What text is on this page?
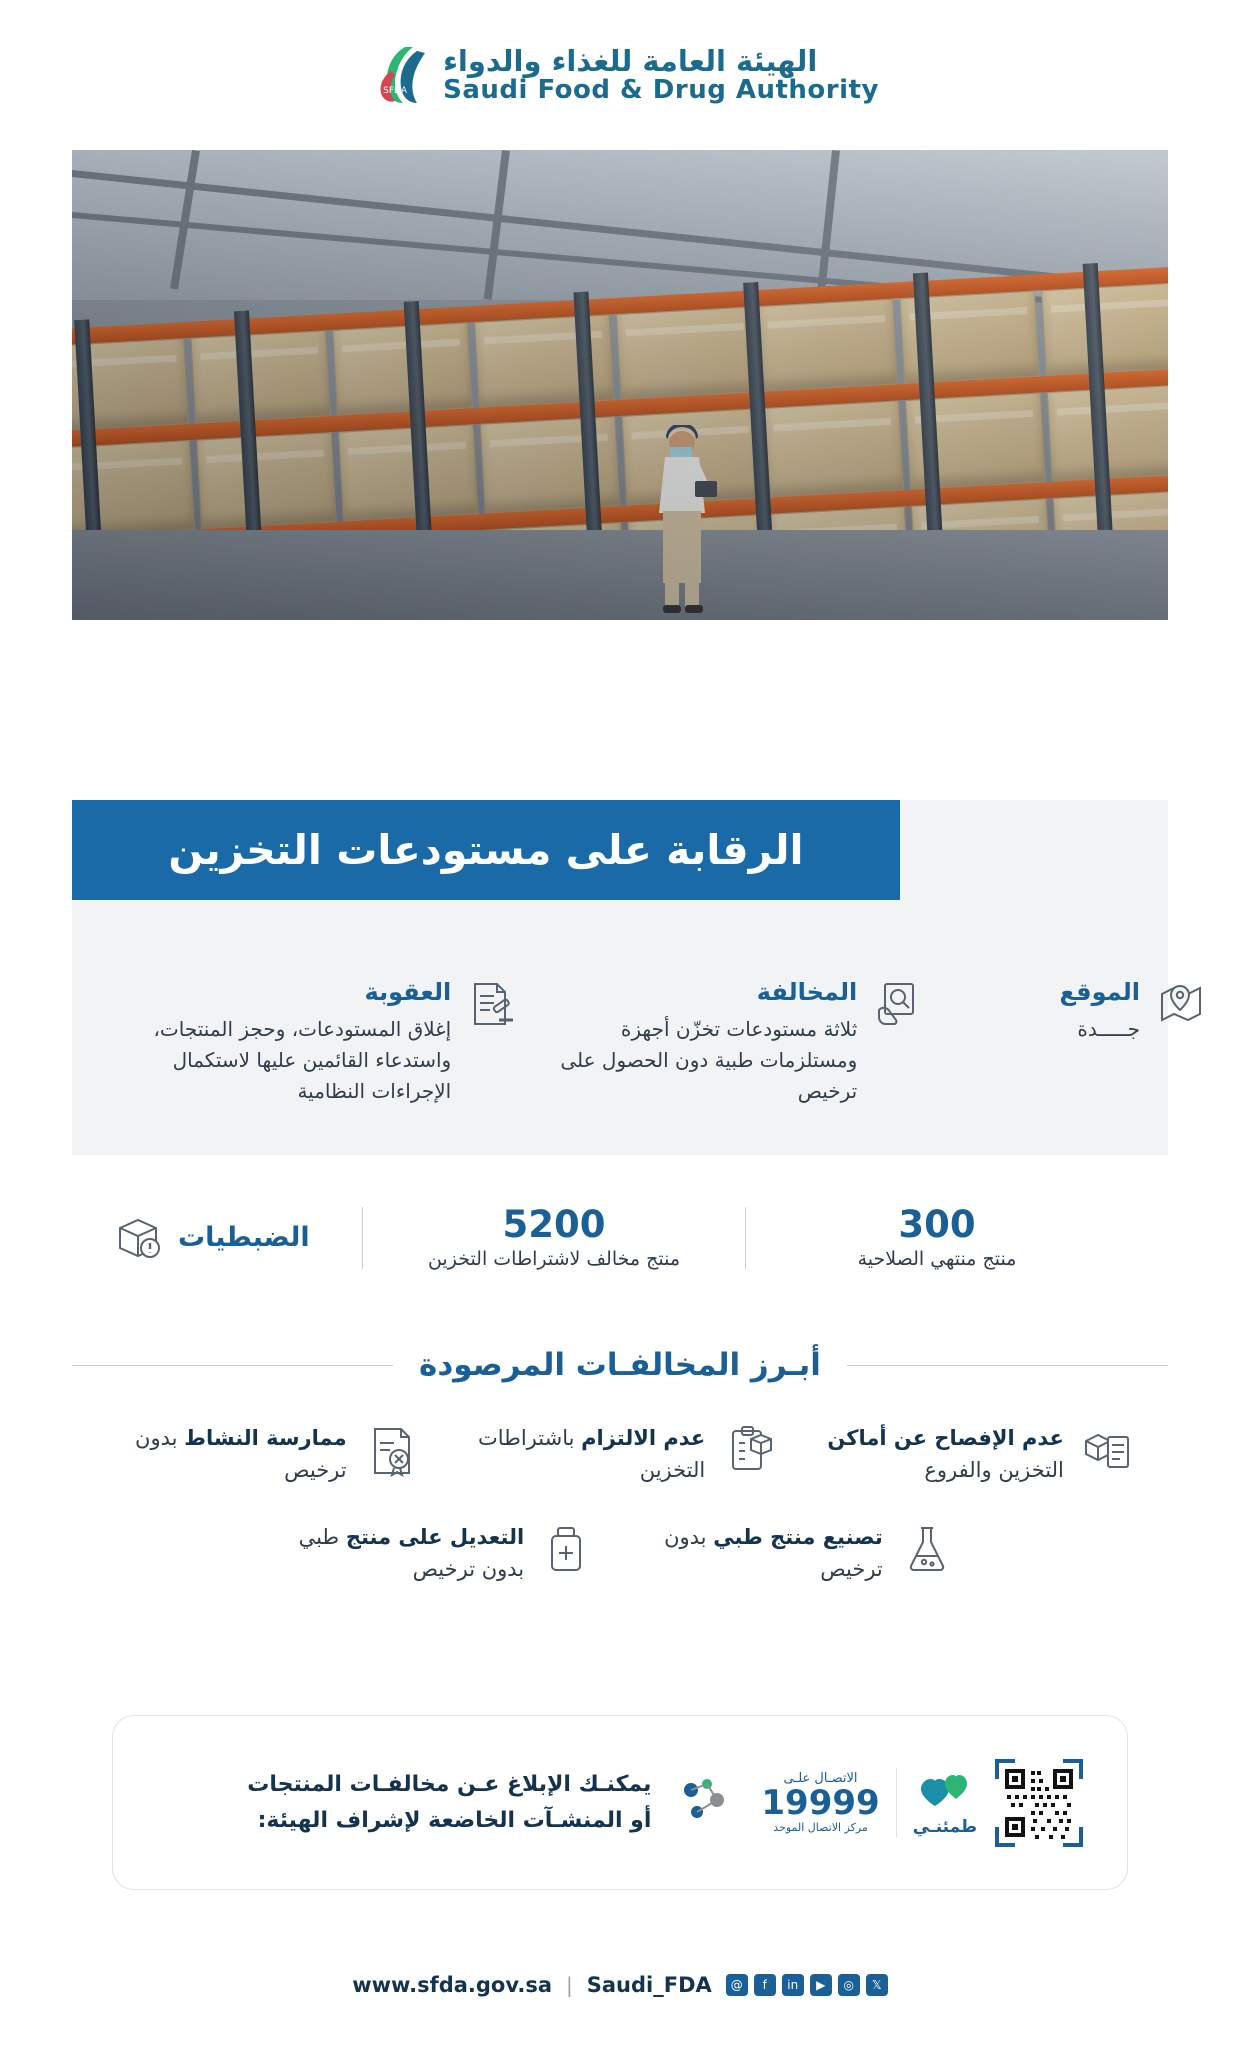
الهيئة العامة للغذاء والدواء
Saudi Food & Drug Authority
SFDA
الرقابة على مستودعات التخزين
العقوبة
إغلاق المستودعات، وحجز المنتجات، واستدعاء القائمين عليها لاستكمال الإجراءات النظامية
المخالفة
ثلاثة مستودعات تخزّن أجهزة ومستلزمات طبية دون الحصول على ترخيص
الموقع
جـــــدة
الضبطيات	5200
منتج مخالف لاشتراطات التخزين
300
منتج منتهي الصلاحية
أبـرز المخالفـات المرصودة
ممارسة النشاط بدون ترخيص
عدم الالتزام باشتراطات التخزين
عدم الإفصاح عن أماكن التخزين والفروع
التعديل على منتج طبي بدون ترخيص
تصنيع منتج طبي بدون ترخيص
يمكنـك الإبلاغ عـن مخالفـات المنتجات
أو المنشـآت الخاضعة لإشراف الهيئة:
الاتصـال علـى
19999
مركز الاتصال الموحد	طمئنـي
𝕏
◎
▶
in
f
@
Saudi_FDA
|
www.sfda.gov.sa
